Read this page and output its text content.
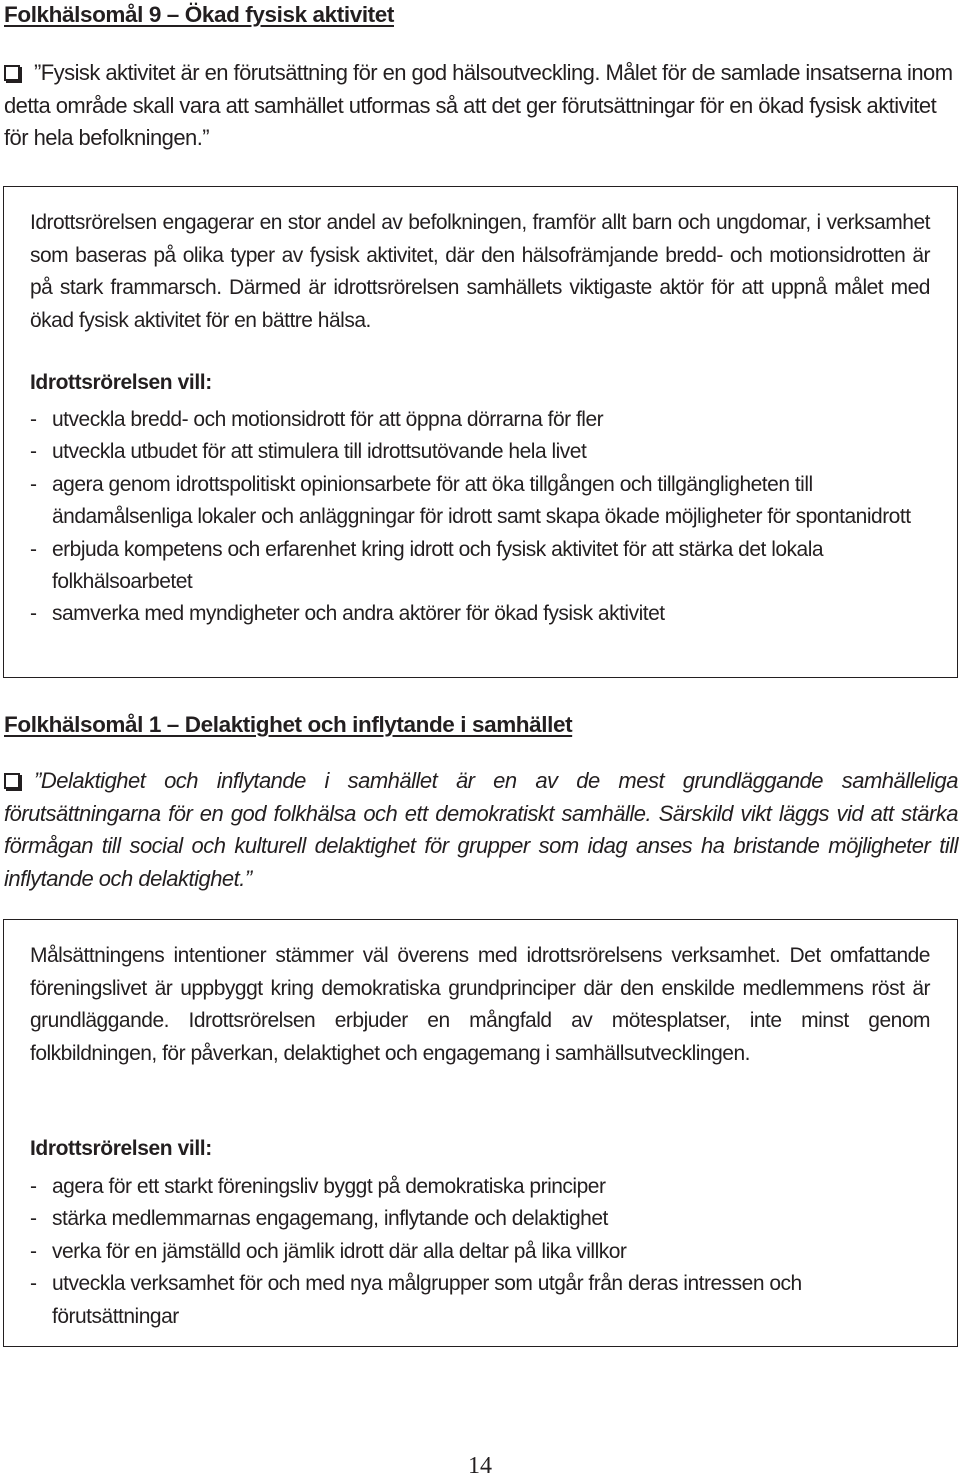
Folkhälsomål 9 – Ökad fysisk aktivitet
”Fysisk aktivitet är en förutsättning för en god hälsoutveckling. Målet för de samlade insatserna inom detta område skall vara att samhället utformas så att det ger förutsättningar för en ökad fysisk aktivitet för hela befolkningen.”
Idrottsrörelsen engagerar en stor andel av befolkningen, framför allt barn och ungdomar, i verksamhet som baseras på olika typer av fysisk aktivitet, där den hälsofrämjande bredd- och motionsidrotten är på stark frammarsch. Därmed är idrottsrörelsen samhällets viktigaste aktör för att uppnå målet med ökad fysisk aktivitet för en bättre hälsa.
Idrottsrörelsen vill:
- utveckla bredd- och motionsidrott för att öppna dörrarna för fler
- utveckla utbudet för att stimulera till idrottsutövande hela livet
- agera genom idrottspolitiskt opinionsarbete för att öka tillgången och tillgängligheten till ändamålsenliga lokaler och anläggningar för idrott samt skapa ökade möjligheter för spontanidrott
- erbjuda kompetens och erfarenhet kring idrott och fysisk aktivitet för att stärka det lokala folkhälsoarbetet
- samverka med myndigheter och andra aktörer för ökad fysisk aktivitet
Folkhälsomål 1 – Delaktighet och inflytande i samhället
”Delaktighet och inflytande i samhället är en av de mest grundläggande samhälleliga förutsättningarna för en god folkhälsa och ett demokratiskt samhälle. Särskild vikt läggs vid att stärka förmågan till social och kulturell delaktighet för grupper som idag anses ha bristande möjligheter till inflytande och delaktighet.”
Målsättningens intentioner stämmer väl överens med idrottsrörelsens verksamhet. Det omfattande föreningslivet är uppbyggt kring demokratiska grundprinciper där den enskilde medlemmens röst är grundläggande. Idrottsrörelsen erbjuder en mångfald av mötesplatser, inte minst genom folkbildningen, för påverkan, delaktighet och engagemang i samhällsutvecklingen.
Idrottsrörelsen vill:
- agera för ett starkt föreningsliv byggt på demokratiska principer
- stärka medlemmarnas engagemang, inflytande och delaktighet
- verka för en jämställd och jämlik idrott där alla deltar på lika villkor
- utveckla verksamhet för och med nya målgrupper som utgår från deras intressen och förutsättningar
14
